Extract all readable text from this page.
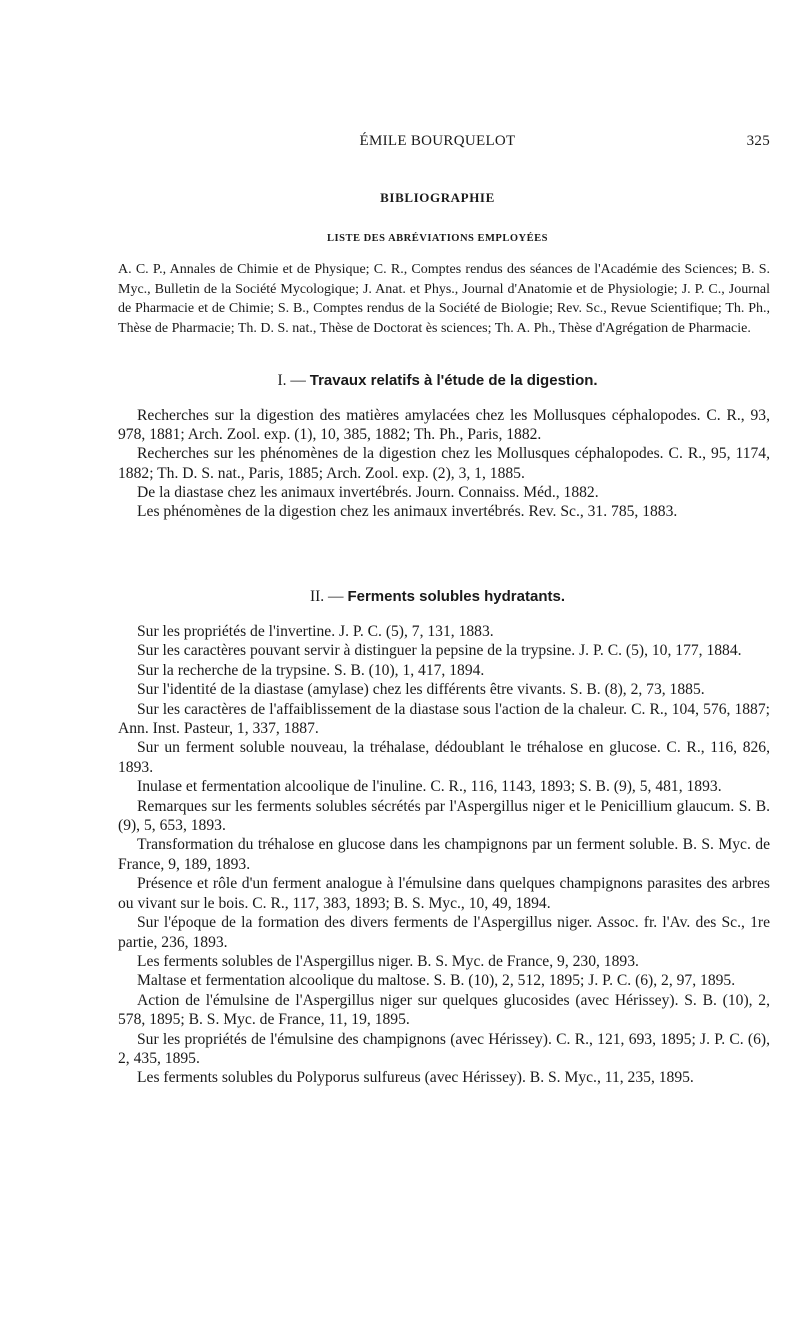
ÉMILE BOURQUELOT	325
BIBLIOGRAPHIE
LISTE DES ABRÉVIATIONS EMPLOYÉES

A. C. P., Annales de Chimie et de Physique; C. R., Comptes rendus des séances de l'Académie des Sciences; B. S. Myc., Bulletin de la Société Mycologique; J. Anat. et Phys., Journal d'Anatomie et de Physiologie; J. P. C., Journal de Pharmacie et de Chimie; S. B., Comptes rendus de la Société de Biologie; Rev. Sc., Revue Scientifique; Th. Ph., Thèse de Pharmacie; Th. D. S. nat., Thèse de Doctorat ès sciences; Th. A. Ph., Thèse d'Agrégation de Pharmacie.

I. — Travaux relatifs à l'étude de la digestion.

Recherches sur la digestion des matières amylacées chez les Mollusques céphalopodes. C. R., 93, 978, 1881; Arch. Zool. exp. (1), 10, 385, 1882; Th. Ph., Paris, 1882.

Recherches sur les phénomènes de la digestion chez les Mollusques céphalopodes. C. R., 95, 1174, 1882; Th. D. S. nat., Paris, 1885; Arch. Zool. exp. (2), 3, 1, 1885.

De la diastase chez les animaux invertébrés. Journ. Connaiss. Méd., 1882.

Les phénomènes de la digestion chez les animaux invertébrés. Rev. Sc., 31. 785, 1883.

II. — Ferments solubles hydratants.

Sur les propriétés de l'invertine. J. P. C. (5), 7, 131, 1883.

Sur les caractères pouvant servir à distinguer la pepsine de la trypsine. J. P. C. (5), 10, 177, 1884.

Sur la recherche de la trypsine. S. B. (10), 1, 417, 1894.

Sur l'identité de la diastase (amylase) chez les différents être vivants. S. B. (8), 2, 73, 1885.

Sur les caractères de l'affaiblissement de la diastase sous l'action de la chaleur. C. R., 104, 576, 1887; Ann. Inst. Pasteur, 1, 337, 1887.

Sur un ferment soluble nouveau, la tréhalase, dédoublant le tréhalose en glucose. C. R., 116, 826, 1893.

Inulase et fermentation alcoolique de l'inuline. C. R., 116, 1143, 1893; S. B. (9), 5, 481, 1893.

Remarques sur les ferments solubles sécrétés par l'Aspergillus niger et le Penicillium glaucum. S. B. (9), 5, 653, 1893.

Transformation du tréhalose en glucose dans les champignons par un ferment soluble. B. S. Myc. de France, 9, 189, 1893.

Présence et rôle d'un ferment analogue à l'émulsine dans quelques champignons parasites des arbres ou vivant sur le bois. C. R., 117, 383, 1893; B. S. Myc., 10, 49, 1894.

Sur l'époque de la formation des divers ferments de l'Aspergillus niger. Assoc. fr. l'Av. des Sc., 1re partie, 236, 1893.

Les ferments solubles de l'Aspergillus niger. B. S. Myc. de France, 9, 230, 1893.

Maltase et fermentation alcoolique du maltose. S. B. (10), 2, 512, 1895; J. P. C. (6), 2, 97, 1895.

Action de l'émulsine de l'Aspergillus niger sur quelques glucosides (avec Hérissey). S. B. (10), 2, 578, 1895; B. S. Myc. de France, 11, 19, 1895.

Sur les propriétés de l'émulsine des champignons (avec Hérissey). C. R., 121, 693, 1895; J. P. C. (6), 2, 435, 1895.

Les ferments solubles du Polyporus sulfureus (avec Hérissey). B. S. Myc., 11, 235, 1895.
